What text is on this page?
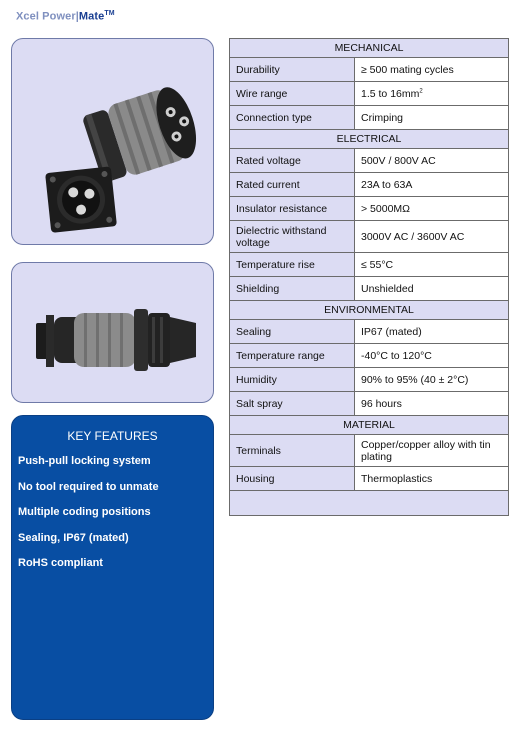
Xcel Power|Mate™
KEY FEATURES
Push-pull locking system
No tool required to unmate
Multiple coding positions
Sealing, IP67 (mated)
RoHS compliant
MECHANICAL	
Durability	≥ 500 mating cycles
Wire range	1.5 to $16mm^2$
Connection type	Crimping
ELECTRICAL	
Rated voltage	500V / 800V AC
Rated current	23A to 63A
Insulator resistance	> 5000MΩ
Dielectric withstand voltage	3000V AC / 3600V AC
Temperature rise	≤ 55°C
Shielding	Unshielded
ENVIRONMENTAL	
Sealing	IP67 (mated)
Temperature range	-40°C to 120°C
Humidity	90% to 95% (40 ± 2°C)
Salt spray	96 hours
MATERIAL	
Terminals	Copper/copper alloy with tin plating
Housing	Thermoplastics
